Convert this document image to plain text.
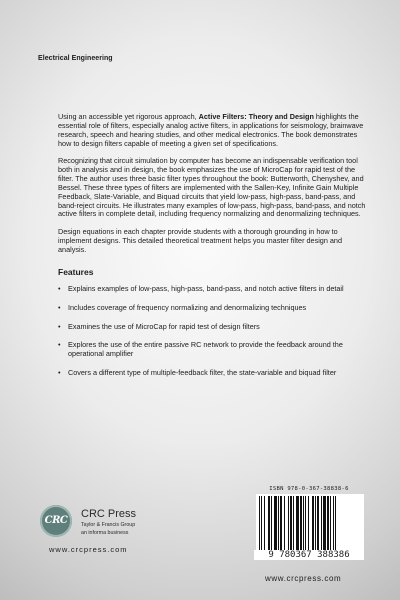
Electrical Engineering

Using an accessible yet rigorous approach, Active Filters: Theory and Design highlights the essential role of filters, especially analog active filters, in applications for seismology, brainwave research, speech and hearing studies, and other medical electronics. The book demonstrates how to design filters capable of meeting a given set of specifications.

Recognizing that circuit simulation by computer has become an indispensable verification tool both in analysis and in design, the book emphasizes the use of MicroCap for rapid test of the filter. The author uses three basic filter types throughout the book: Butterworth, Chenyshev, and Bessel. These three types of filters are implemented with the Sallen-Key, Infinite Gain Multiple Feedback, Slate-Variable, and Biquad circuits that yield low-pass, high-pass, band-pass, and band-reject circuits. He illustrates many examples of low-pass, high-pass, band-pass, and notch active filters in complete detail, including frequency normalizing and denormalizing techniques.

Design equations in each chapter provide students with a thorough grounding in how to implement designs. This detailed theoretical treatment helps you master filter design and analysis.

Features
• Explains examples of low-pass, high-pass, band-pass, and notch active filters in detail
• Includes coverage of frequency normalizing and denormalizing techniques
• Examines the use of MicroCap for rapid test of design filters
• Explores the use of the entire passive RC network to provide the feedback around the operational amplifier
• Covers a different type of multiple-feedback filter, the state-variable and biquad filter
CRC
CRC Press
Taylor & Francis Group
an informa business
www.crcpress.com
ISBN 978-0-367-38838-6
9 780367 388386
www.crcpress.com
